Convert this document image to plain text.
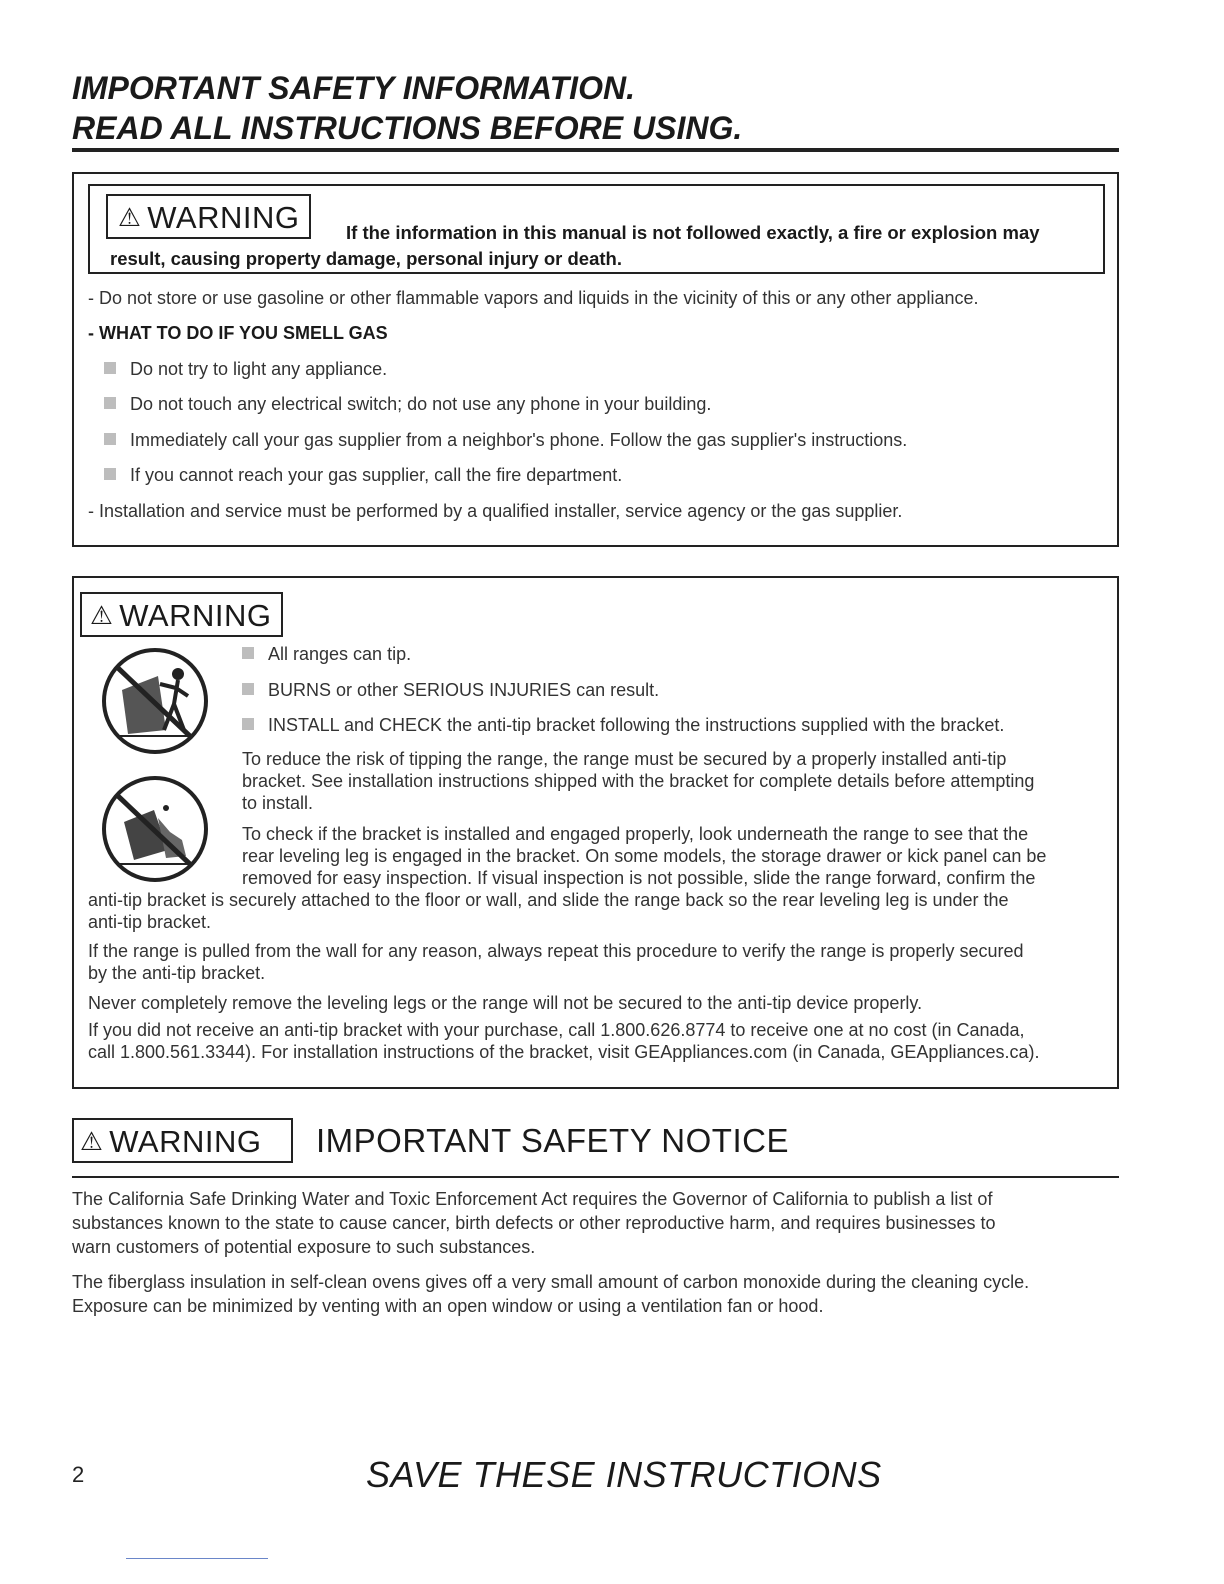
IMPORTANT SAFETY INFORMATION.
READ ALL INSTRUCTIONS BEFORE USING.
⚠ WARNING	If the information in this manual is not followed exactly, a fire or explosion may
result, causing property damage, personal injury or death.
- Do not store or use gasoline or other flammable vapors and liquids in the vicinity of this or any other appliance.
- WHAT TO DO IF YOU SMELL GAS
Do not try to light any appliance.
Do not touch any electrical switch; do not use any phone in your building.
Immediately call your gas supplier from a neighbor's phone. Follow the gas supplier's instructions.
If you cannot reach your gas supplier, call the fire department.
- Installation and service must be performed by a qualified installer, service agency or the gas supplier.
⚠ WARNING
All ranges can tip.
BURNS or other SERIOUS INJURIES can result.
INSTALL and CHECK the anti-tip bracket following the instructions supplied with the bracket.
To reduce the risk of tipping the range, the range must be secured by a properly installed anti-tip
bracket. See installation instructions shipped with the bracket for complete details before attempting
to install.
To check if the bracket is installed and engaged properly, look underneath the range to see that the
rear leveling leg is engaged in the bracket. On some models, the storage drawer or kick panel can be
removed for easy inspection. If visual inspection is not possible, slide the range forward, confirm the
anti-tip bracket is securely attached to the floor or wall, and slide the range back so the rear leveling leg is under the
anti-tip bracket.
If the range is pulled from the wall for any reason, always repeat this procedure to verify the range is properly secured
by the anti-tip bracket.
Never completely remove the leveling legs or the range will not be secured to the anti-tip device properly.
If you did not receive an anti-tip bracket with your purchase, call 1.800.626.8774 to receive one at no cost (in Canada,
call 1.800.561.3344). For installation instructions of the bracket, visit GEAppliances.com (in Canada, GEAppliances.ca).
⚠ WARNING	IMPORTANT SAFETY NOTICE
The California Safe Drinking Water and Toxic Enforcement Act requires the Governor of California to publish a list of
substances known to the state to cause cancer, birth defects or other reproductive harm, and requires businesses to
warn customers of potential exposure to such substances.
The fiberglass insulation in self-clean ovens gives off a very small amount of carbon monoxide during the cleaning cycle.
Exposure can be minimized by venting with an open window or using a ventilation fan or hood.
2	SAVE THESE INSTRUCTIONS
